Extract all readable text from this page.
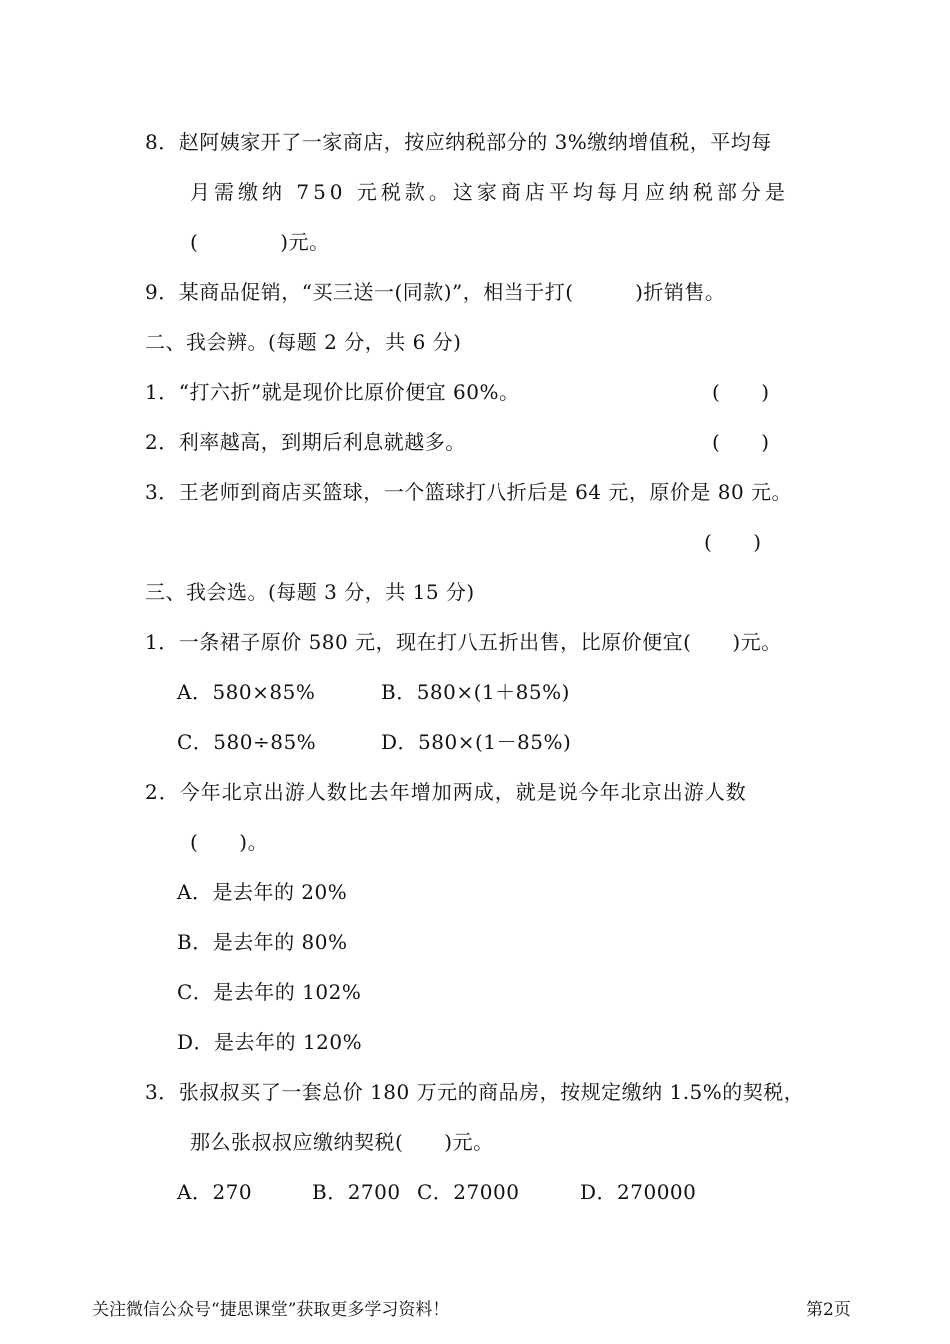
8．赵阿姨家开了一家商店，按应纳税部分的 3%缴纳增值税，平均每
月需缴纳 750 元税款。这家商店平均每月应纳税部分是
(　　　　)元。
9．某商品促销，“买三送一(同款)”，相当于打(　　　)折销售。
二、我会辨。(每题 2 分，共 6 分)
1．“打六折”就是现价比原价便宜 60%。	(　　)
2．利率越高，到期后利息就越多。	(　　)
3．王老师到商店买篮球，一个篮球打八折后是 64 元，原价是 80 元。
(　　)
三、我会选。(每题 3 分，共 15 分)
1．一条裙子原价 580 元，现在打八五折出售，比原价便宜(　　)元。
A．580×85%	B．580×(1＋85%)
C．580÷85%	D．580×(1－85%)
2．今年北京出游人数比去年增加两成，就是说今年北京出游人数
(　　)。
A．是去年的 20%
B．是去年的 80%
C．是去年的 102%
D．是去年的 120%
3．张叔叔买了一套总价 180 万元的商品房，按规定缴纳 1.5%的契税，
那么张叔叔应缴纳契税(　　)元。
A．270	B．2700 C．27000	D．270000
关注微信公众号“捷思课堂”获取更多学习资料！	第2页
